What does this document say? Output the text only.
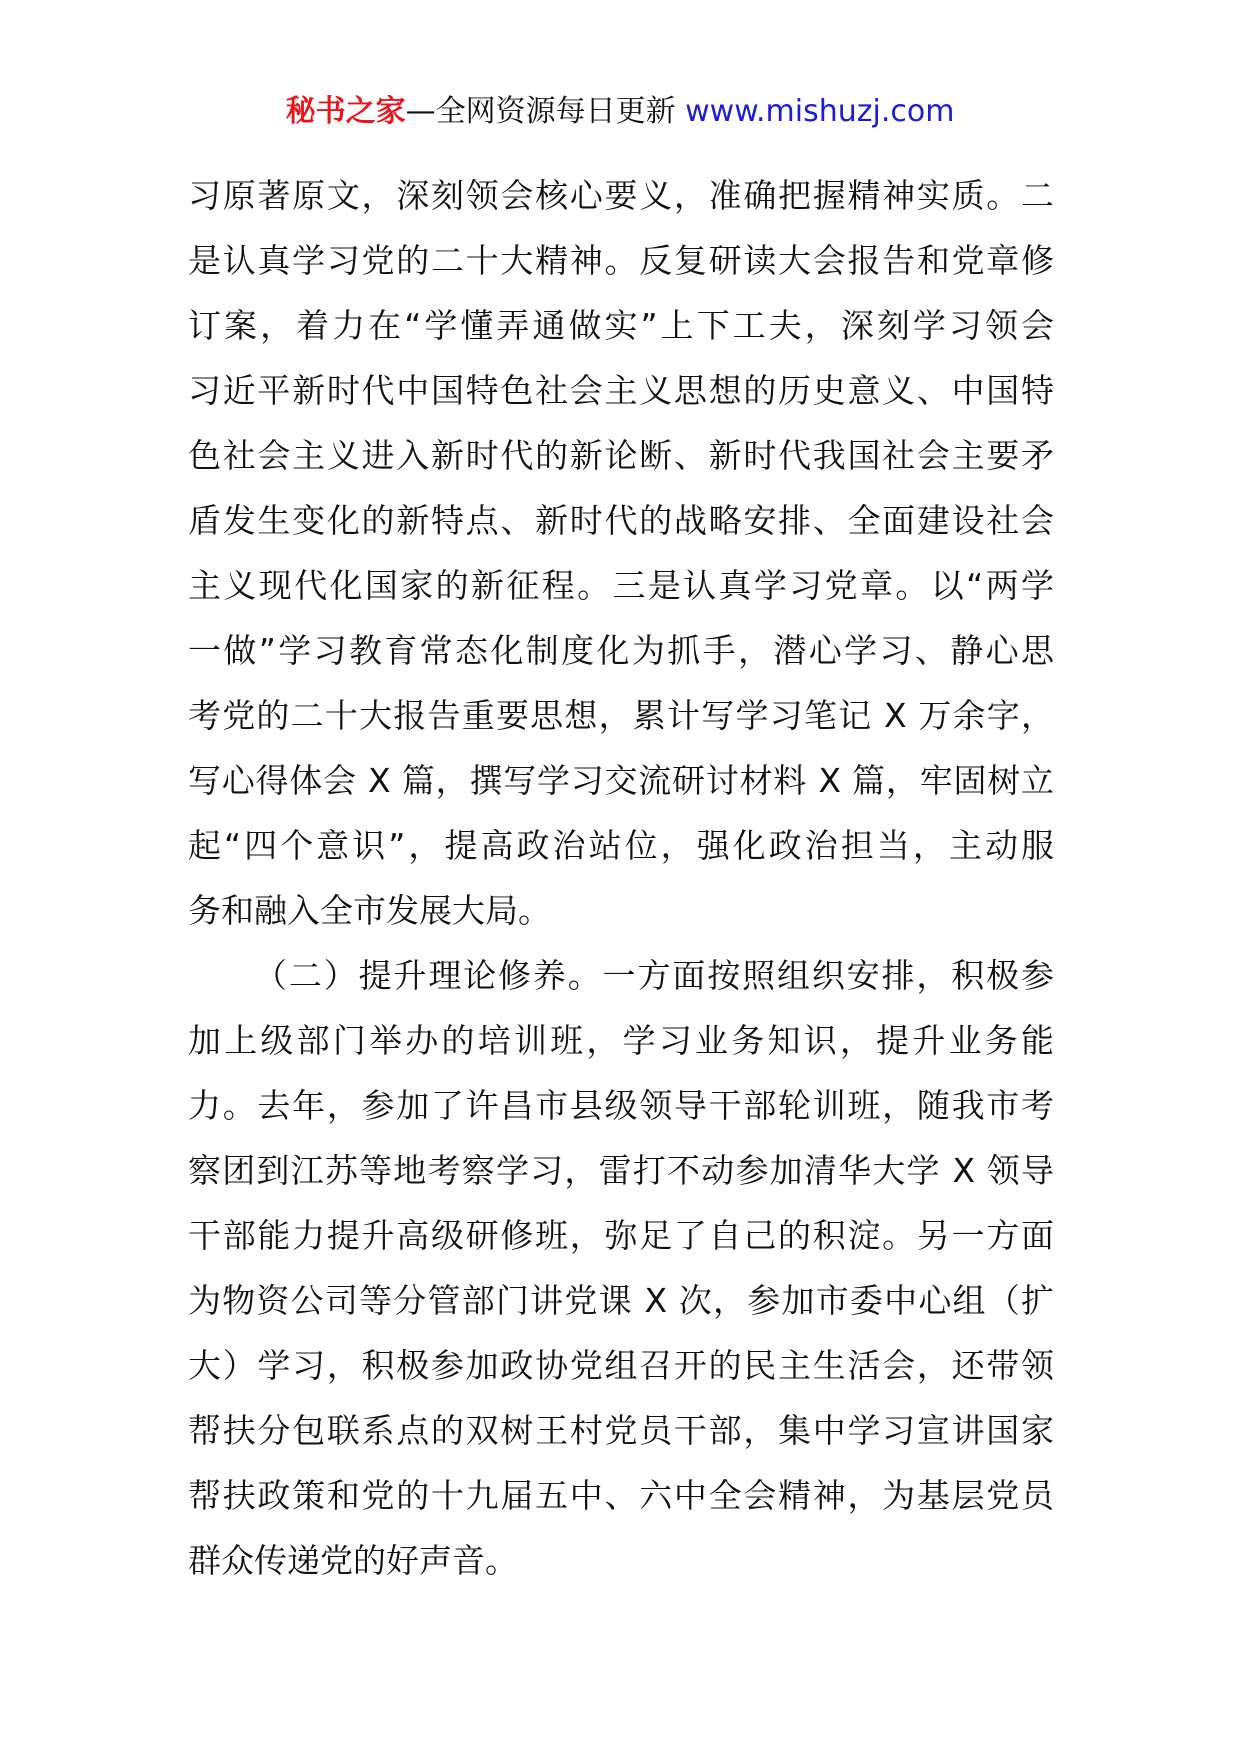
秘书之家—全网资源每日更新 www.mishuzj.com
习原著原文，深刻领会核心要义，准确把握精神实质。二
是认真学习党的二十大精神。反复研读大会报告和党章修
订案，着力在“学懂弄通做实”上下工夫，深刻学习领会
习近平新时代中国特色社会主义思想的历史意义、中国特
色社会主义进入新时代的新论断、新时代我国社会主要矛
盾发生变化的新特点、新时代的战略安排、全面建设社会
主义现代化国家的新征程。三是认真学习党章。以“两学
一做”学习教育常态化制度化为抓手，潜心学习、静心思
考党的二十大报告重要思想，累计写学习笔记 X 万余字，
写心得体会 X 篇，撰写学习交流研讨材料 X 篇，牢固树立
起“四个意识”，提高政治站位，强化政治担当，主动服
务和融入全市发展大局。
（二）提升理论修养。一方面按照组织安排，积极参
加上级部门举办的培训班，学习业务知识，提升业务能
力。去年，参加了许昌市县级领导干部轮训班，随我市考
察团到江苏等地考察学习，雷打不动参加清华大学 X 领导
干部能力提升高级研修班，弥足了自己的积淀。另一方面
为物资公司等分管部门讲党课 X 次，参加市委中心组（扩
大）学习，积极参加政协党组召开的民主生活会，还带领
帮扶分包联系点的双树王村党员干部，集中学习宣讲国家
帮扶政策和党的十九届五中、六中全会精神，为基层党员
群众传递党的好声音。
